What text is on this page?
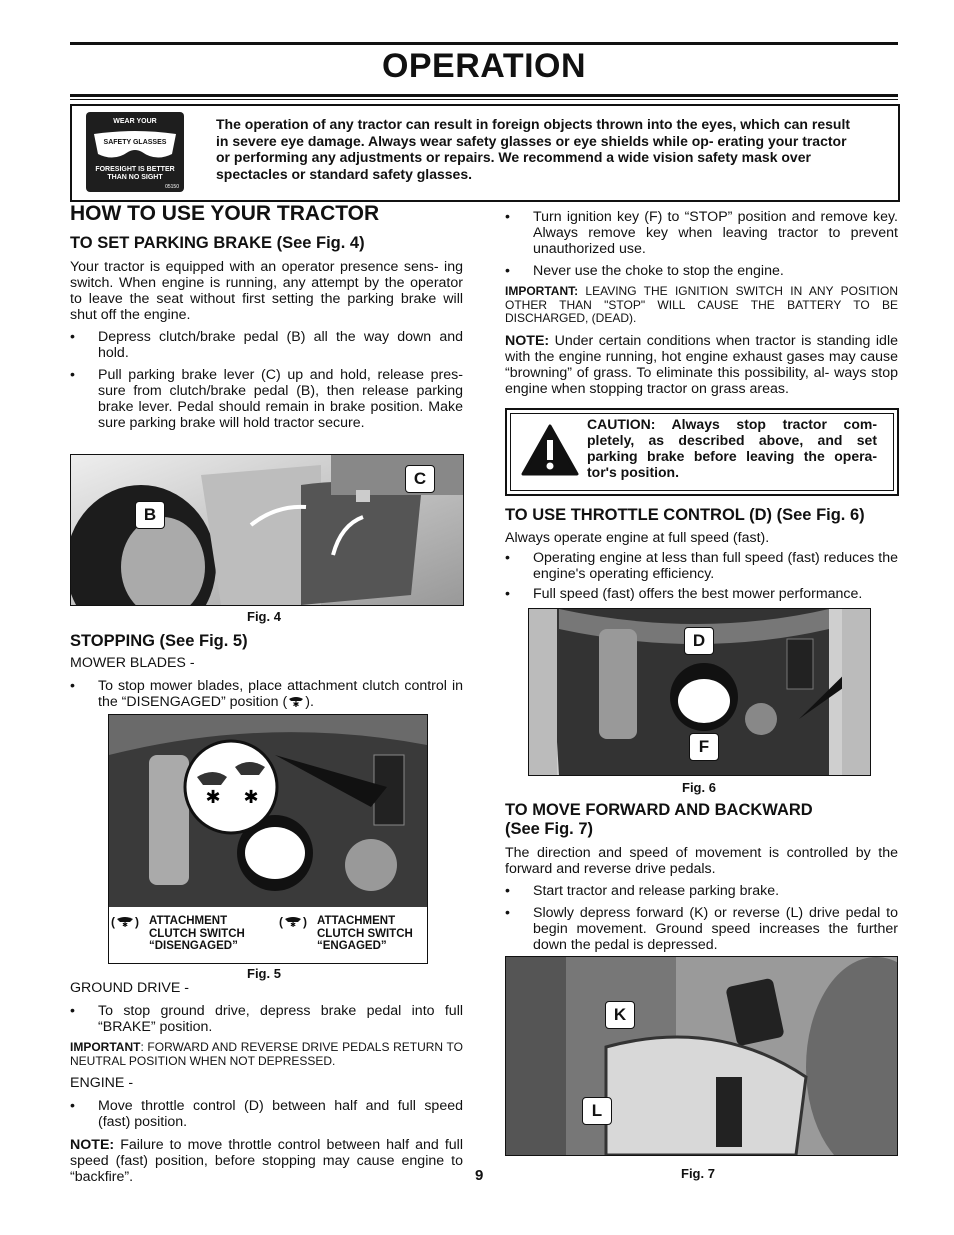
OPERATION
WEAR YOUR
SAFETY GLASSES
FORESIGHT IS BETTER THAN NO SIGHT
05150
The operation of any tractor can result in foreign objects thrown into the eyes, which can result in severe eye damage. Always wear safety glasses or eye shields while op- erating your tractor or performing any adjustments or repairs. We recommend a wide vision safety mask over spectacles or standard safety glasses.
HOW TO USE YOUR TRACTOR
TO SET PARKING BRAKE (See Fig. 4)

Your tractor is equipped with an operator presence sens- ing switch. When engine is running, any attempt by the operator to leave the seat without first setting the parking brake will shut off the engine.

• Depress clutch/brake pedal (B) all the way down and hold.
• Pull parking brake lever (C) up and hold, release pres- sure from clutch/brake pedal (B), then release parking brake lever. Pedal should remain in brake position. Make sure parking brake will hold tractor secure.
B
C
Fig. 4
STOPPING (See Fig. 5)

MOWER BLADES -

• To stop mower blades, place attachment clutch control in the “DISENGAGED” position ( ✱ ).
✱ ✱
( ✱ ) ATTACHMENT
CLUTCH SWITCH
“DISENGAGED”
( ✱ ) ATTACHMENT
CLUTCH SWITCH
“ENGAGED”
Fig. 5

GROUND DRIVE -

• To stop ground drive, depress brake pedal into full “BRAKE” position.

IMPORTANT: FORWARD AND REVERSE DRIVE PEDALS RETURN TO NEUTRAL POSITION WHEN NOT DEPRESSED.

ENGINE -

• Move throttle control (D) between half and full speed (fast) position.

NOTE: Failure to move throttle control between half and full speed (fast) position, before stopping may cause engine to “backfire”.

• Turn ignition key (F) to “STOP” position and remove key. Always remove key when leaving tractor to prevent unauthorized use.
• Never use the choke to stop the engine.

IMPORTANT: LEAVING THE IGNITION SWITCH IN ANY POSITION OTHER THAN "STOP" WILL CAUSE THE BATTERY TO BE DISCHARGED, (DEAD).

NOTE: Under certain conditions when tractor is standing idle with the engine running, hot engine exhaust gases may cause “browning” of grass. To eliminate this possibility, al- ways stop engine when stopping tractor on grass areas.

CAUTION: Always stop tractor com- pletely, as described above, and set parking brake before leaving the opera- tor's position.
TO USE THROTTLE CONTROL (D) (See Fig. 6)

Always operate engine at full speed (fast).

• Operating engine at less than full speed (fast) reduces the engine's operating efficiency.
• Full speed (fast) offers the best mower performance.
D
F
Fig. 6
TO MOVE FORWARD AND BACKWARD
(See Fig. 7)

The direction and speed of movement is controlled by the forward and reverse drive pedals.

• Start tractor and release parking brake.
• Slowly depress forward (K) or reverse (L) drive pedal to begin movement. Ground speed increases the further down the pedal is depressed.
K
L
Fig. 7
9
